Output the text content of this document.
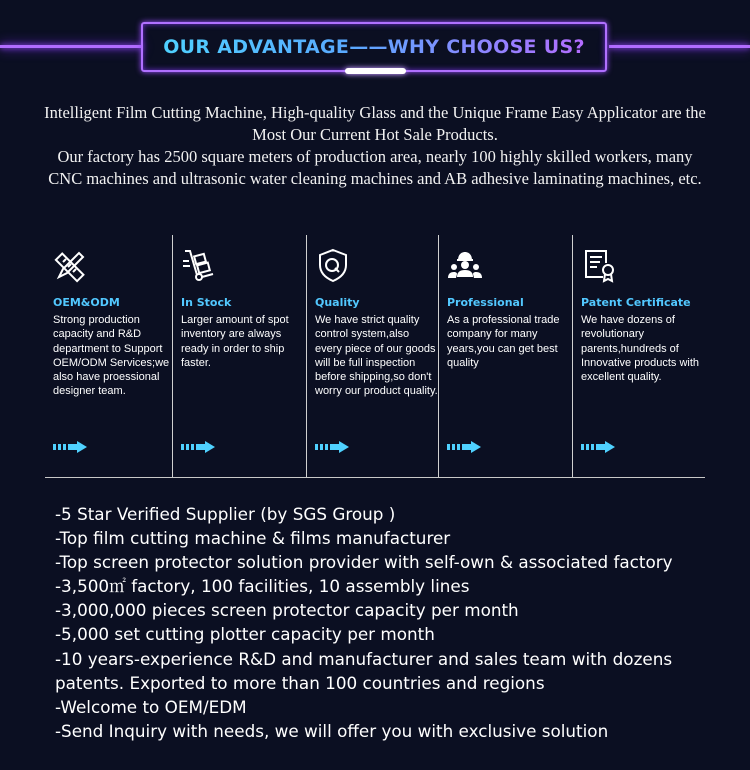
OUR ADVANTAGE——WHY CHOOSE US?

Intelligent Film Cutting Machine, High-quality Glass and the Unique Frame Easy Applicator are the Most Our Current Hot Sale Products.

Our factory has 2500 square meters of production area, nearly 100 highly skilled workers, many CNC machines and ultrasonic water cleaning machines and AB adhesive laminating machines, etc.

OEM&ODM
Strong production capacity and R&D department to Support OEM/ODM Services;we also have proessional designer team.
In Stock
Larger amount of spot inventory are always ready in order to ship faster.
Quality
We have strict quality control system,also every piece of our goods will be full inspection before shipping,so don't worry our product quality.
Professional
As a professional trade company for many years,you can get best quality
Patent Certificate
We have dozens of revolutionary parents,hundreds of Innovative products with excellent quality.
-5 Star Verified Supplier (by SGS Group )
-Top film cutting machine & films manufacturer
-Top screen protector solution provider with self-own & associated factory
-3,500㎡ factory, 100 facilities, 10 assembly lines
-3,000,000 pieces screen protector capacity per month
-5,000 set cutting plotter capacity per month
-10 years-experience R&D and manufacturer and sales team with dozens patents. Exported to more than 100 countries and regions
-Welcome to OEM/EDM
-Send Inquiry with needs, we will offer you with exclusive solution
